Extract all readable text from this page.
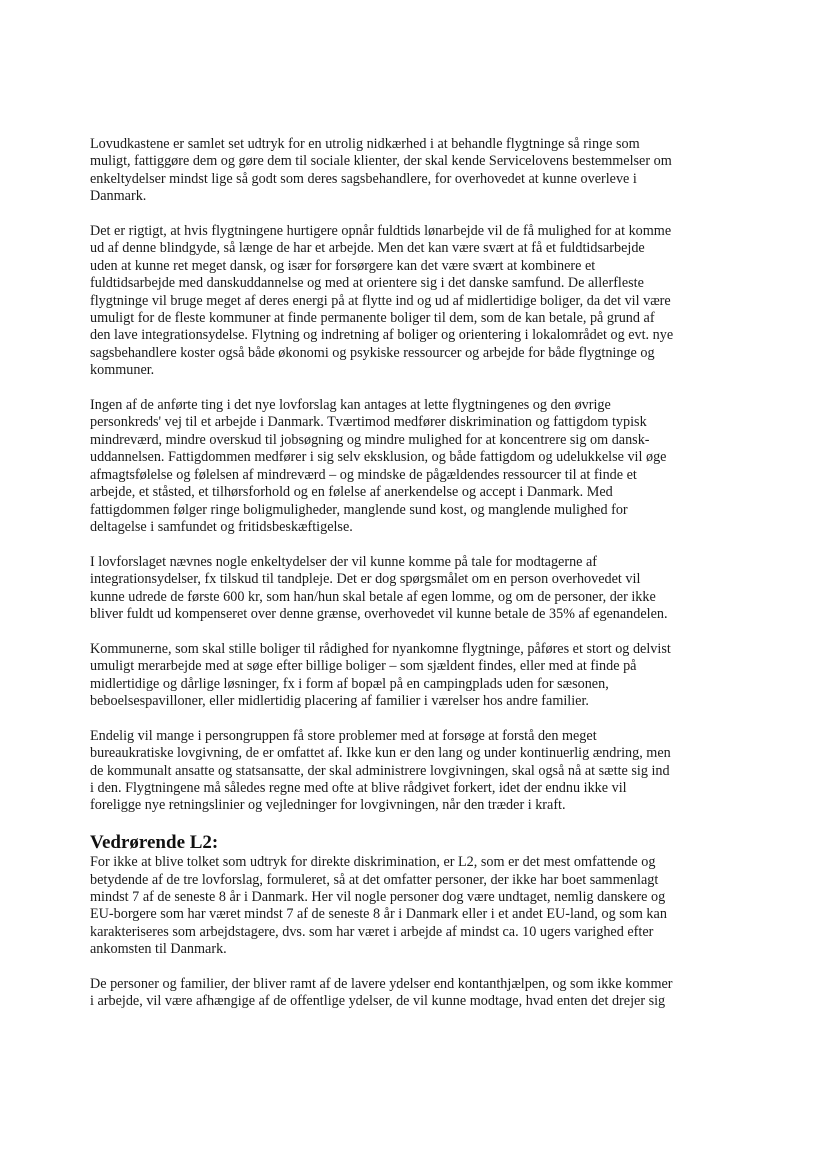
Lovudkastene er samlet set udtryk for en utrolig nidkærhed i at behandle flygtninge så ringe som
muligt, fattiggøre dem og gøre dem til sociale klienter, der skal kende Servicelovens bestemmelser om
enkeltydelser mindst lige så godt som deres sagsbehandlere, for overhovedet at kunne overleve i
Danmark.

Det er rigtigt, at hvis flygtningene hurtigere opnår fuldtids lønarbejde vil de få mulighed for at komme
ud af denne blindgyde, så længe de har et arbejde. Men det kan være svært at få et fuldtidsarbejde
uden at kunne ret meget dansk, og især for forsørgere kan det være svært at kombinere et
fuldtidsarbejde med danskuddannelse og med at orientere sig i det danske samfund. De allerfleste
flygtninge vil bruge meget af deres energi på at flytte ind og ud af midlertidige boliger, da det vil være
umuligt for de fleste kommuner at finde permanente boliger til dem, som de kan betale, på grund af
den lave integrationsydelse. Flytning og indretning af boliger og orientering i lokalområdet og evt. nye
sagsbehandlere koster også både økonomi og psykiske ressourcer og arbejde for både flygtninge og
kommuner.

Ingen af de anførte ting i det nye lovforslag kan antages at lette flygtningenes og den øvrige
personkreds' vej til et arbejde i Danmark. Tværtimod medfører diskrimination og fattigdom typisk
mindreværd, mindre overskud til jobsøgning og mindre mulighed for at koncentrere sig om dansk-
uddannelsen. Fattigdommen medfører i sig selv eksklusion, og både fattigdom og udelukkelse vil øge
afmagtsfølelse og følelsen af mindreværd – og mindske de pågældendes ressourcer til at finde et
arbejde, et ståsted, et tilhørsforhold og en følelse af anerkendelse og accept i Danmark. Med
fattigdommen følger ringe boligmuligheder, manglende sund kost, og manglende mulighed for
deltagelse i samfundet og fritidsbeskæftigelse.

I lovforslaget nævnes nogle enkeltydelser der vil kunne komme på tale for modtagerne af
integrationsydelser, fx tilskud til tandpleje. Det er dog spørgsmålet om en person overhovedet vil
kunne udrede de første 600 kr, som han/hun skal betale af egen lomme, og om de personer, der ikke
bliver fuldt ud kompenseret over denne grænse, overhovedet vil kunne betale de 35% af egenandelen.

Kommunerne, som skal stille boliger til rådighed for nyankomne flygtninge, påføres et stort og delvist
umuligt merarbejde med at søge efter billige boliger – som sjældent findes, eller med at finde på
midlertidige og dårlige løsninger, fx i form af bopæl på en campingplads uden for sæsonen,
beboelsespavilloner, eller midlertidig placering af familier i værelser hos andre familier.

Endelig vil mange i persongruppen få store problemer med at forsøge at forstå den meget
bureaukratiske lovgivning, de er omfattet af. Ikke kun er den lang og under kontinuerlig ændring, men
de kommunalt ansatte og statsansatte, der skal administrere lovgivningen, skal også nå at sætte sig ind
i den. Flygtningene må således regne med ofte at blive rådgivet forkert, idet der endnu ikke vil
foreligge nye retningslinier og vejledninger for lovgivningen, når den træder i kraft.

Vedrørende L2:

For ikke at blive tolket som udtryk for direkte diskrimination, er L2, som er det mest omfattende og
betydende af de tre lovforslag, formuleret, så at det omfatter personer, der ikke har boet sammenlagt
mindst 7 af de seneste 8 år i Danmark. Her vil nogle personer dog være undtaget, nemlig danskere og
EU-borgere som har været mindst 7 af de seneste 8 år i Danmark eller i et andet EU-land, og som kan
karakteriseres som arbejdstagere, dvs. som har været i arbejde af mindst ca. 10 ugers varighed efter
ankomsten til Danmark.

De personer og familier, der bliver ramt af de lavere ydelser end kontanthjælpen, og som ikke kommer
i arbejde, vil være afhængige af de offentlige ydelser, de vil kunne modtage, hvad enten det drejer sig
